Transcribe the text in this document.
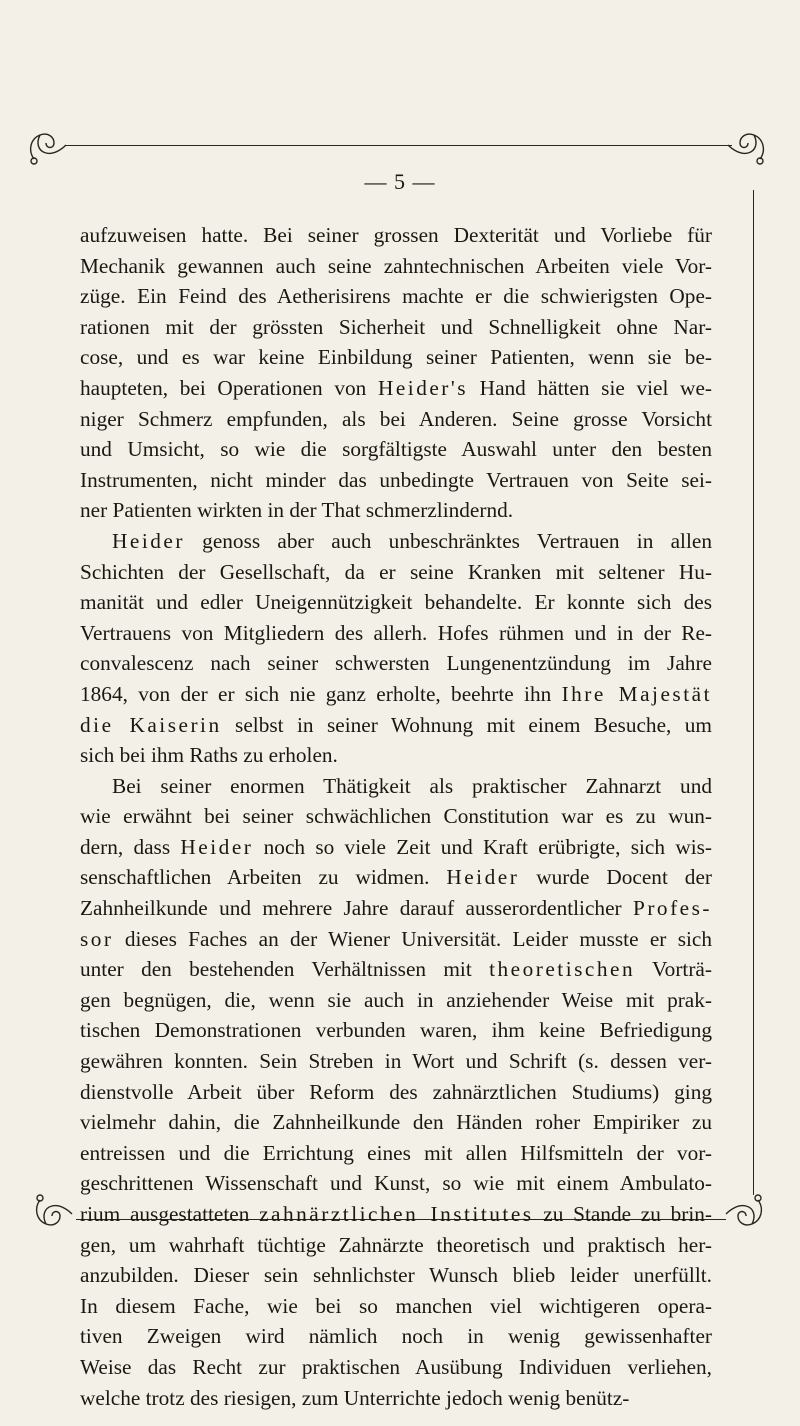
— 5 —
aufzuweisen hatte. Bei seiner grossen Dexterität und Vorliebe für
Mechanik gewannen auch seine zahntechnischen Arbeiten viele Vor-
züge. Ein Feind des Aetherisirens machte er die schwierigsten Ope-
rationen mit der grössten Sicherheit und Schnelligkeit ohne Nar-
cose, und es war keine Einbildung seiner Patienten, wenn sie be-
haupteten, bei Operationen von Heider's Hand hätten sie viel we-
niger Schmerz empfunden, als bei Anderen. Seine grosse Vorsicht
und Umsicht, so wie die sorgfältigste Auswahl unter den besten
Instrumenten, nicht minder das unbedingte Vertrauen von Seite sei-
ner Patienten wirkten in der That schmerzlindernd.
Heider genoss aber auch unbeschränktes Vertrauen in allen
Schichten der Gesellschaft, da er seine Kranken mit seltener Hu-
manität und edler Uneigennützigkeit behandelte. Er konnte sich des
Vertrauens von Mitgliedern des allerh. Hofes rühmen und in der Re-
convalescenz nach seiner schwersten Lungenentzündung im Jahre
1864, von der er sich nie ganz erholte, beehrte ihn Ihre Majestät
die Kaiserin selbst in seiner Wohnung mit einem Besuche, um
sich bei ihm Raths zu erholen.
Bei seiner enormen Thätigkeit als praktischer Zahnarzt und
wie erwähnt bei seiner schwächlichen Constitution war es zu wun-
dern, dass Heider noch so viele Zeit und Kraft erübrigte, sich wis-
senschaftlichen Arbeiten zu widmen. Heider wurde Docent der
Zahnheilkunde und mehrere Jahre darauf ausserordentlicher Profes-
sor dieses Faches an der Wiener Universität. Leider musste er sich
unter den bestehenden Verhältnissen mit theoretischen Vorträ-
gen begnügen, die, wenn sie auch in anziehender Weise mit prak-
tischen Demonstrationen verbunden waren, ihm keine Befriedigung
gewähren konnten. Sein Streben in Wort und Schrift (s. dessen ver-
dienstvolle Arbeit über Reform des zahnärztlichen Studiums) ging
vielmehr dahin, die Zahnheilkunde den Händen roher Empiriker zu
entreissen und die Errichtung eines mit allen Hilfsmitteln der vor-
geschrittenen Wissenschaft und Kunst, so wie mit einem Ambulato-
rium ausgestatteten zahnärztlichen Institutes zu Stande zu brin-
gen, um wahrhaft tüchtige Zahnärzte theoretisch und praktisch her-
anzubilden. Dieser sein sehnlichster Wunsch blieb leider unerfüllt.
In diesem Fache, wie bei so manchen viel wichtigeren opera-
tiven Zweigen wird nämlich noch in wenig gewissenhafter
Weise das Recht zur praktischen Ausübung Individuen verliehen,
welche trotz des riesigen, zum Unterrichte jedoch wenig benütz-
